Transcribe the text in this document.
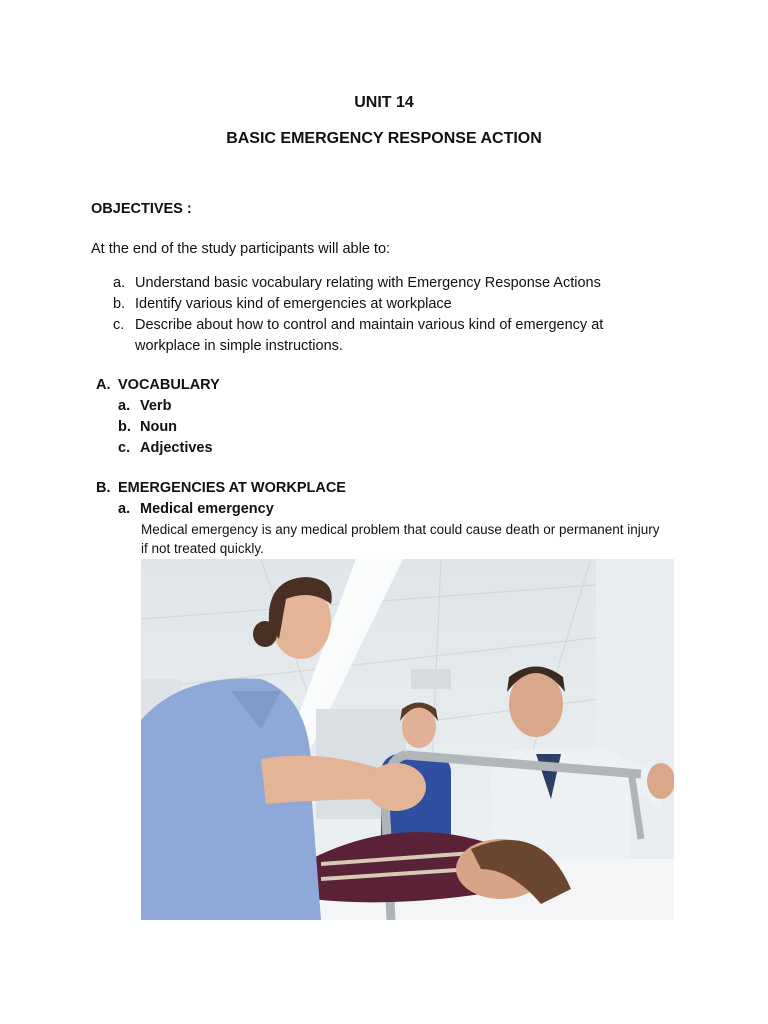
UNIT 14
BASIC EMERGENCY RESPONSE ACTION
OBJECTIVES :
At the end of the study participants will able to:
a. Understand basic vocabulary relating with Emergency Response Actions
b. Identify various kind of emergencies at workplace
c. Describe about how to control and maintain various kind of emergency at
workplace in simple instructions.
A. VOCABULARY
a. Verb
b. Noun
c. Adjectives
B. EMERGENCIES AT WORKPLACE
a. Medical emergency
Medical emergency is any medical problem that could cause death or permanent injury
if not treated quickly.
